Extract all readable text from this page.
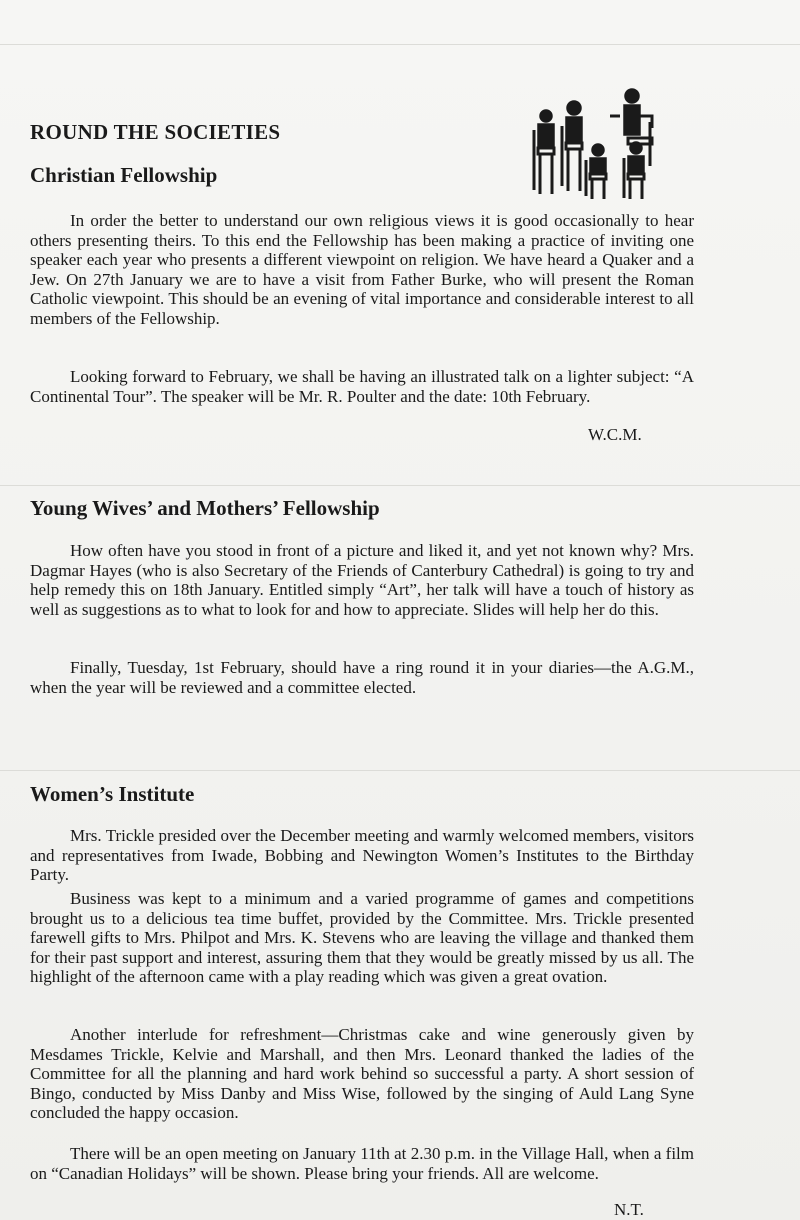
ROUND THE SOCIETIES
Christian Fellowship

In order the better to understand our own religious views it is good occasionally to hear others presenting theirs. To this end the Fellowship has been making a practice of inviting one speaker each year who presents a different viewpoint on religion. We have heard a Quaker and a Jew. On 27th January we are to have a visit from Father Burke, who will present the Roman Catholic viewpoint. This should be an evening of vital importance and considerable interest to all members of the Fellowship.

Looking forward to February, we shall be having an illustrated talk on a lighter subject: “A Continental Tour”. The speaker will be Mr. R. Poulter and the date: 10th February.

W.C.M.

Young Wives’ and Mothers’ Fellowship

How often have you stood in front of a picture and liked it, and yet not known why? Mrs. Dagmar Hayes (who is also Secretary of the Friends of Canterbury Cathedral) is going to try and help remedy this on 18th January. Entitled simply “Art”, her talk will have a touch of history as well as suggestions as to what to look for and how to appreciate. Slides will help her do this.

Finally, Tuesday, 1st February, should have a ring round it in your diaries—the A.G.M., when the year will be reviewed and a committee elected.

Women’s Institute

Mrs. Trickle presided over the December meeting and warmly welcomed members, visitors and representatives from Iwade, Bobbing and Newington Women’s Institutes to the Birthday Party.

Business was kept to a minimum and a varied programme of games and competitions brought us to a delicious tea time buffet, provided by the Committee. Mrs. Trickle presented farewell gifts to Mrs. Philpot and Mrs. K. Stevens who are leaving the village and thanked them for their past support and interest, assuring them that they would be greatly missed by us all. The highlight of the afternoon came with a play reading which was given a great ovation.

Another interlude for refreshment—Christmas cake and wine generously given by Mesdames Trickle, Kelvie and Marshall, and then Mrs. Leonard thanked the ladies of the Committee for all the planning and hard work behind so successful a party. A short session of Bingo, conducted by Miss Danby and Miss Wise, followed by the singing of Auld Lang Syne concluded the happy occasion.

There will be an open meeting on January 11th at 2.30 p.m. in the Village Hall, when a film on “Canadian Holidays” will be shown. Please bring your friends. All are welcome.

N.T.
